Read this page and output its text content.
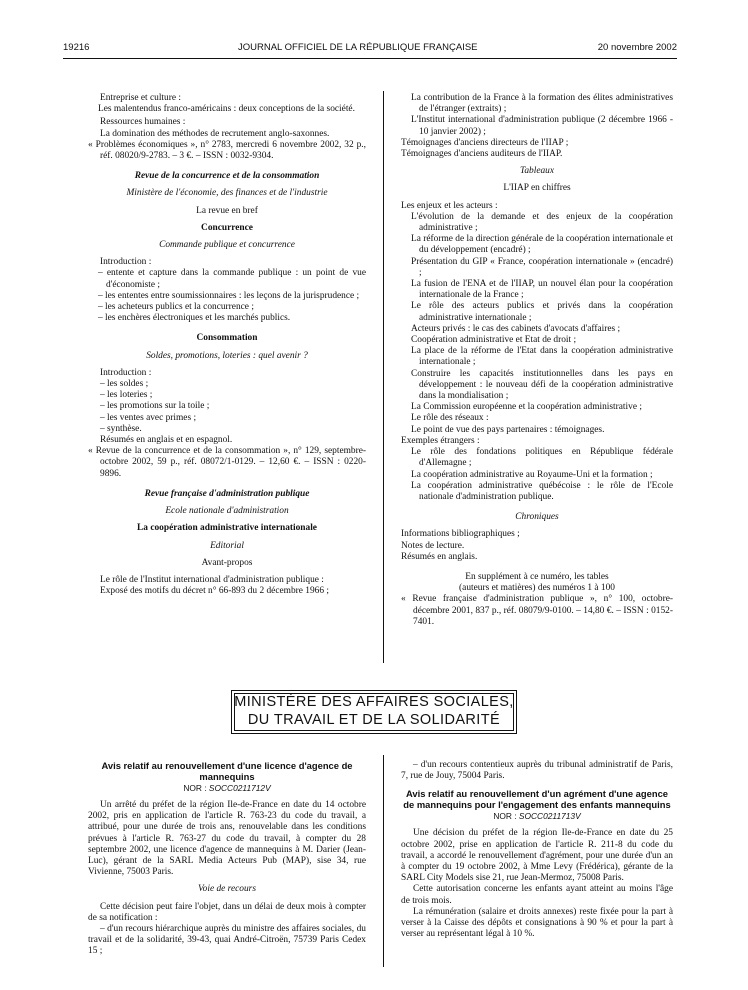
19216	JOURNAL OFFICIEL DE LA RÉPUBLIQUE FRANÇAISE	20 novembre 2002

Entreprise et culture :

Les malentendus franco-américains : deux conceptions de la société.

Ressources humaines :

La domination des méthodes de recrutement anglo-saxonnes.

« Problèmes économiques », n° 2783, mercredi 6 novembre 2002, 32 p., réf. 08020/9-2783. – 3 €. – ISSN : 0032-9304.

Revue de la concurrence et de la consommation

Ministère de l'économie, des finances et de l'industrie

La revue en bref

Concurrence

Commande publique et concurrence

Introduction :

– entente et capture dans la commande publique : un point de vue d'économiste ;

– les ententes entre soumissionnaires : les leçons de la jurisprudence ;

– les acheteurs publics et la concurrence ;

– les enchères électroniques et les marchés publics.

Consommation

Soldes, promotions, loteries : quel avenir ?

Introduction :

– les soldes ;

– les loteries ;

– les promotions sur la toile ;

– les ventes avec primes ;

– synthèse.

Résumés en anglais et en espagnol.

« Revue de la concurrence et de la consommation », n° 129, septembre-octobre 2002, 59 p., réf. 08072/1-0129. – 12,60 €. – ISSN : 0220-9896.

Revue française d'administration publique

Ecole nationale d'administration

La coopération administrative internationale

Editorial

Avant-propos

Le rôle de l'Institut international d'administration publique :

Exposé des motifs du décret n° 66-893 du 2 décembre 1966 ;

La contribution de la France à la formation des élites administratives de l'étranger (extraits) ;

L'Institut international d'administration publique (2 décembre 1966 - 10 janvier 2002) ;

Témoignages d'anciens directeurs de l'IIAP ;

Témoignages d'anciens auditeurs de l'IIAP.

Tableaux

L'IIAP en chiffres

Les enjeux et les acteurs :

L'évolution de la demande et des enjeux de la coopération administrative ;

La réforme de la direction générale de la coopération internationale et du développement (encadré) ;

Présentation du GIP « France, coopération internationale » (encadré) ;

La fusion de l'ENA et de l'IIAP, un nouvel élan pour la coopération internationale de la France ;

Le rôle des acteurs publics et privés dans la coopération administrative internationale ;

Acteurs privés : le cas des cabinets d'avocats d'affaires ;

Coopération administrative et Etat de droit ;

La place de la réforme de l'Etat dans la coopération administrative internationale ;

Construire les capacités institutionnelles dans les pays en développement : le nouveau défi de la coopération administrative dans la mondialisation ;

La Commission européenne et la coopération administrative ;

Le rôle des réseaux :

Le point de vue des pays partenaires : témoignages.

Exemples étrangers :

Le rôle des fondations politiques en République fédérale d'Allemagne ;

La coopération administrative au Royaume-Uni et la formation ;

La coopération administrative québécoise : le rôle de l'Ecole nationale d'administration publique.

Chroniques

Informations bibliographiques ;

Notes de lecture.

Résumés en anglais.

En supplément à ce numéro, les tables

(auteurs et matières) des numéros 1 à 100

« Revue française d'administration publique », n° 100, octobre-décembre 2001, 837 p., réf. 08079/9-0100. – 14,80 €. – ISSN : 0152-7401.

MINISTÈRE DES AFFAIRES SOCIALES,
DU TRAVAIL ET DE LA SOLIDARITÉ

Avis relatif au renouvellement d'une licence d'agence de mannequins

NOR : SOCC0211712V

Un arrêté du préfet de la région Ile-de-France en date du 14 octobre 2002, pris en application de l'article R. 763-23 du code du travail, a attribué, pour une durée de trois ans, renouvelable dans les conditions prévues à l'article R. 763-27 du code du travail, à compter du 28 septembre 2002, une licence d'agence de mannequins à M. Darier (Jean-Luc), gérant de la SARL Media Acteurs Pub (MAP), sise 34, rue Vivienne, 75003 Paris.

Voie de recours

Cette décision peut faire l'objet, dans un délai de deux mois à compter de sa notification :

– d'un recours hiérarchique auprès du ministre des affaires sociales, du travail et de la solidarité, 39-43, quai André-Citroën, 75739 Paris Cedex 15 ;

– d'un recours contentieux auprès du tribunal administratif de Paris, 7, rue de Jouy, 75004 Paris.

Avis relatif au renouvellement d'un agrément d'une agence de mannequins pour l'engagement des enfants mannequins

NOR : SOCC0211713V

Une décision du préfet de la région Ile-de-France en date du 25 octobre 2002, prise en application de l'article R. 211-8 du code du travail, a accordé le renouvellement d'agrément, pour une durée d'un an à compter du 19 octobre 2002, à Mme Levy (Frédérica), gérante de la SARL City Models sise 21, rue Jean-Mermoz, 75008 Paris.

Cette autorisation concerne les enfants ayant atteint au moins l'âge de trois mois.

La rémunération (salaire et droits annexes) reste fixée pour la part à verser à la Caisse des dépôts et consignations à 90 % et pour la part à verser au représentant légal à 10 %.
